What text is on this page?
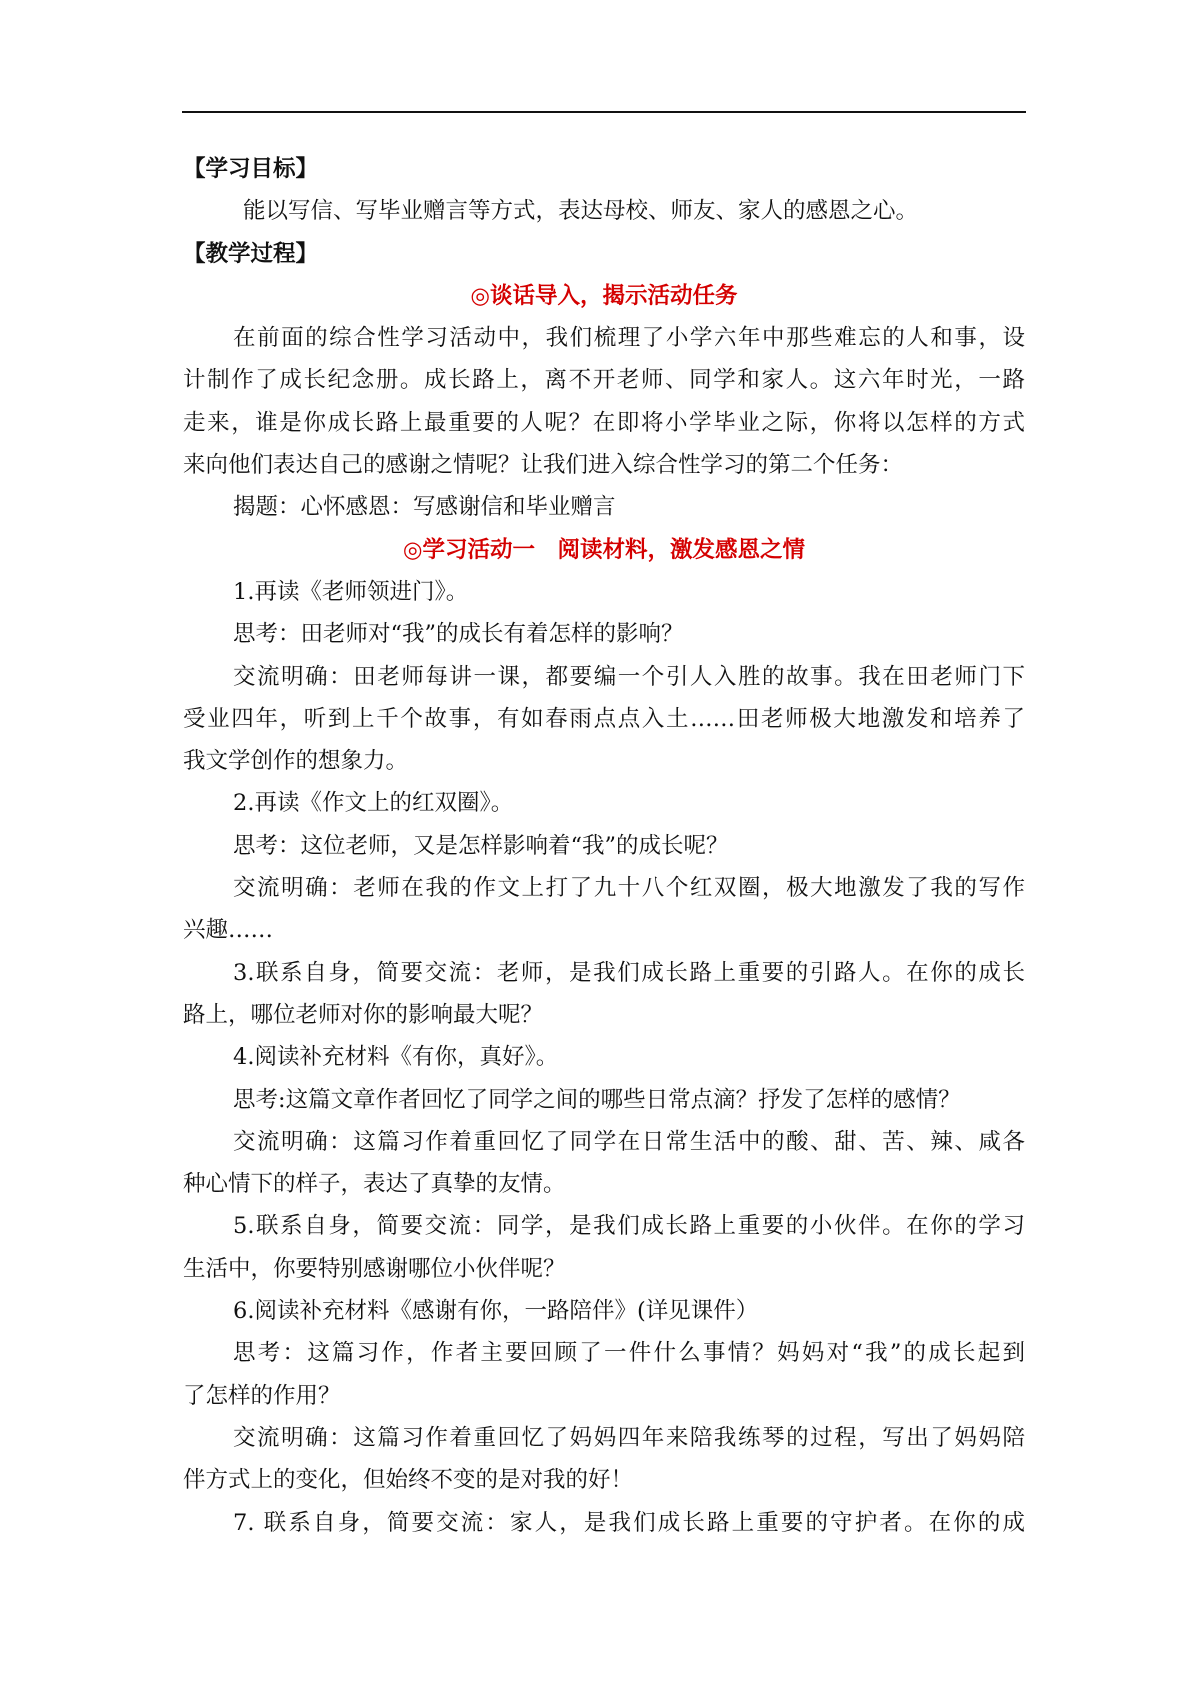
【学习目标】
能以写信、写毕业赠言等方式，表达母校、师友、家人的感恩之心。
【教学过程】
◎谈话导入，揭示活动任务
在前面的综合性学习活动中，我们梳理了小学六年中那些难忘的人和事，设
计制作了成长纪念册。成长路上，离不开老师、同学和家人。这六年时光，一路
走来，谁是你成长路上最重要的人呢？在即将小学毕业之际，你将以怎样的方式
来向他们表达自己的感谢之情呢？让我们进入综合性学习的第二个任务：
揭题：心怀感恩：写感谢信和毕业赠言
◎学习活动一　阅读材料，激发感恩之情
1.再读《老师领进门》。
思考：田老师对“我”的成长有着怎样的影响？
交流明确：田老师每讲一课，都要编一个引人入胜的故事。我在田老师门下
受业四年，听到上千个故事，有如春雨点点入土……田老师极大地激发和培养了
我文学创作的想象力。
2.再读《作文上的红双圈》。
思考：这位老师，又是怎样影响着“我”的成长呢？
交流明确：老师在我的作文上打了九十八个红双圈，极大地激发了我的写作
兴趣……
3.联系自身，简要交流：老师，是我们成长路上重要的引路人。在你的成长
路上，哪位老师对你的影响最大呢？
4.阅读补充材料《有你，真好》。
思考:这篇文章作者回忆了同学之间的哪些日常点滴？抒发了怎样的感情？
交流明确：这篇习作着重回忆了同学在日常生活中的酸、甜、苦、辣、咸各
种心情下的样子，表达了真挚的友情。
5.联系自身，简要交流：同学，是我们成长路上重要的小伙伴。在你的学习
生活中，你要特别感谢哪位小伙伴呢？
6.阅读补充材料《感谢有你，一路陪伴》(详见课件）
思考：这篇习作，作者主要回顾了一件什么事情？妈妈对“我”的成长起到
了怎样的作用？
交流明确：这篇习作着重回忆了妈妈四年来陪我练琴的过程，写出了妈妈陪
伴方式上的变化，但始终不变的是对我的好！
7. 联系自身，简要交流：家人，是我们成长路上重要的守护者。在你的成
